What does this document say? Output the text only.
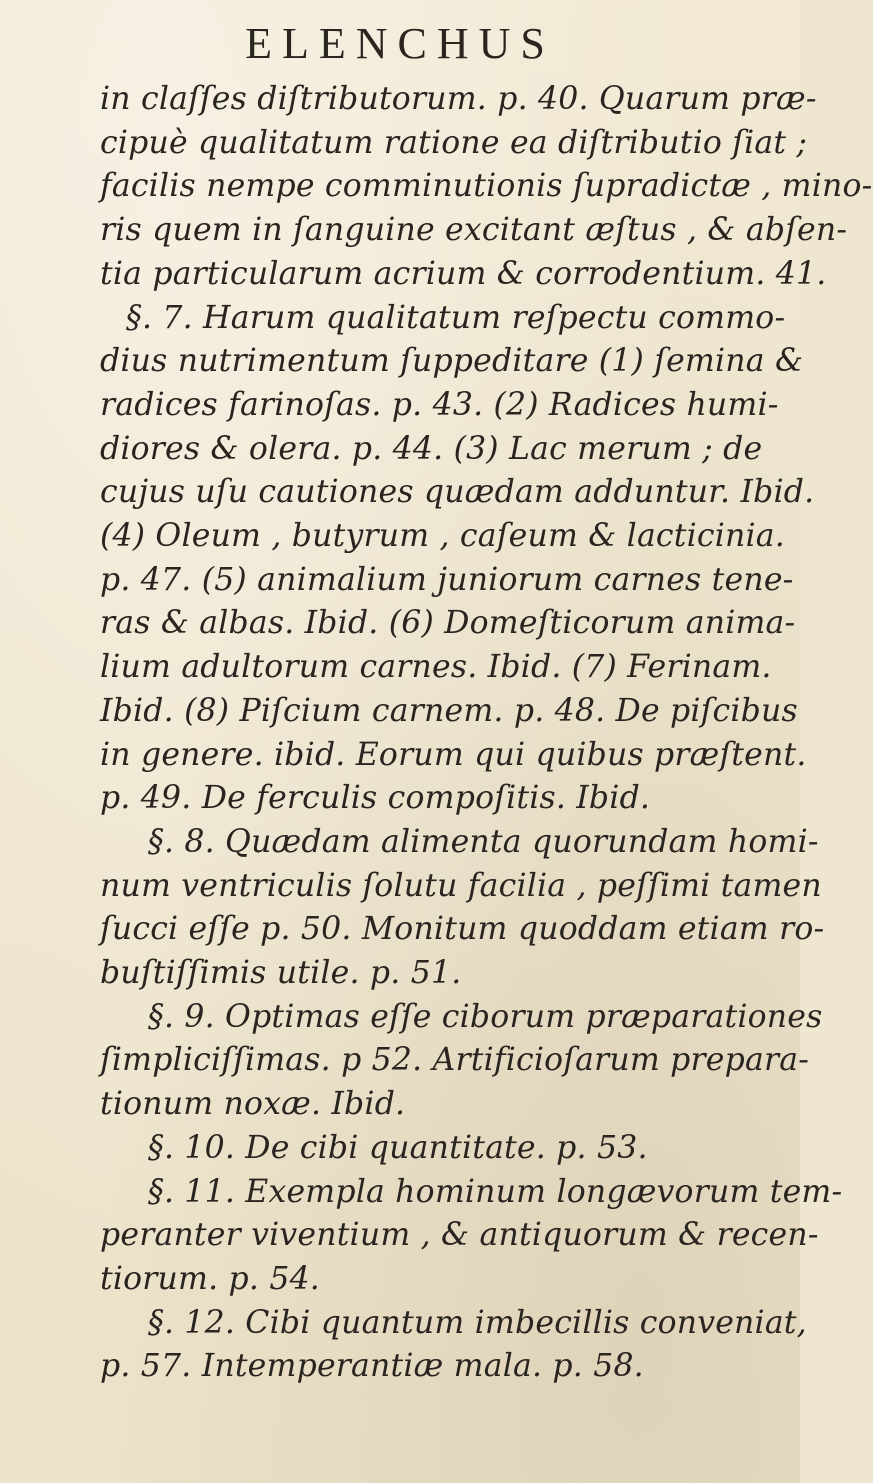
ELENCHUS
in claſſes diſtributorum. p. 40. Quarum præ-
cipuè qualitatum ratione ea diſtributio ſiat ;
facilis nempe comminutionis ſupradictæ , mino-
ris quem in ſanguine excitant æſtus , & abſen-
tia particularum acrium & corrodentium. 41.
§. 7. Harum qualitatum reſpectu commo-
dius nutrimentum ſuppeditare (1) ſemina &
radices farinoſas. p. 43. (2) Radices humi-
diores & olera. p. 44. (3) Lac merum ; de
cujus uſu cautiones quædam adduntur. Ibid.
(4) Oleum , butyrum , caſeum & lacticinia.
p. 47. (5) animalium juniorum carnes tene-
ras & albas. Ibid. (6) Domeſticorum anima-
lium adultorum carnes. Ibid. (7) Ferinam.
Ibid. (8) Piſcium carnem. p. 48. De piſcibus
in genere. ibid. Eorum qui quibus præſtent.
p. 49. De ferculis compoſitis. Ibid.
§. 8. Quædam alimenta quorundam homi-
num ventriculis ſolutu facilia , peſſimi tamen
ſucci eſſe p. 50. Monitum quoddam etiam ro-
buſtiſſimis utile. p. 51.
§. 9. Optimas eſſe ciborum præparationes
ſimpliciſſimas. p 52. Artificioſarum prepara-
tionum noxæ. Ibid.
§. 10. De cibi quantitate. p. 53.
§. 11. Exempla hominum longævorum tem-
peranter viventium , & antiquorum & recen-
tiorum. p. 54.
§. 12. Cibi quantum imbecillis conveniat,
p. 57. Intemperantiæ mala. p. 58.
